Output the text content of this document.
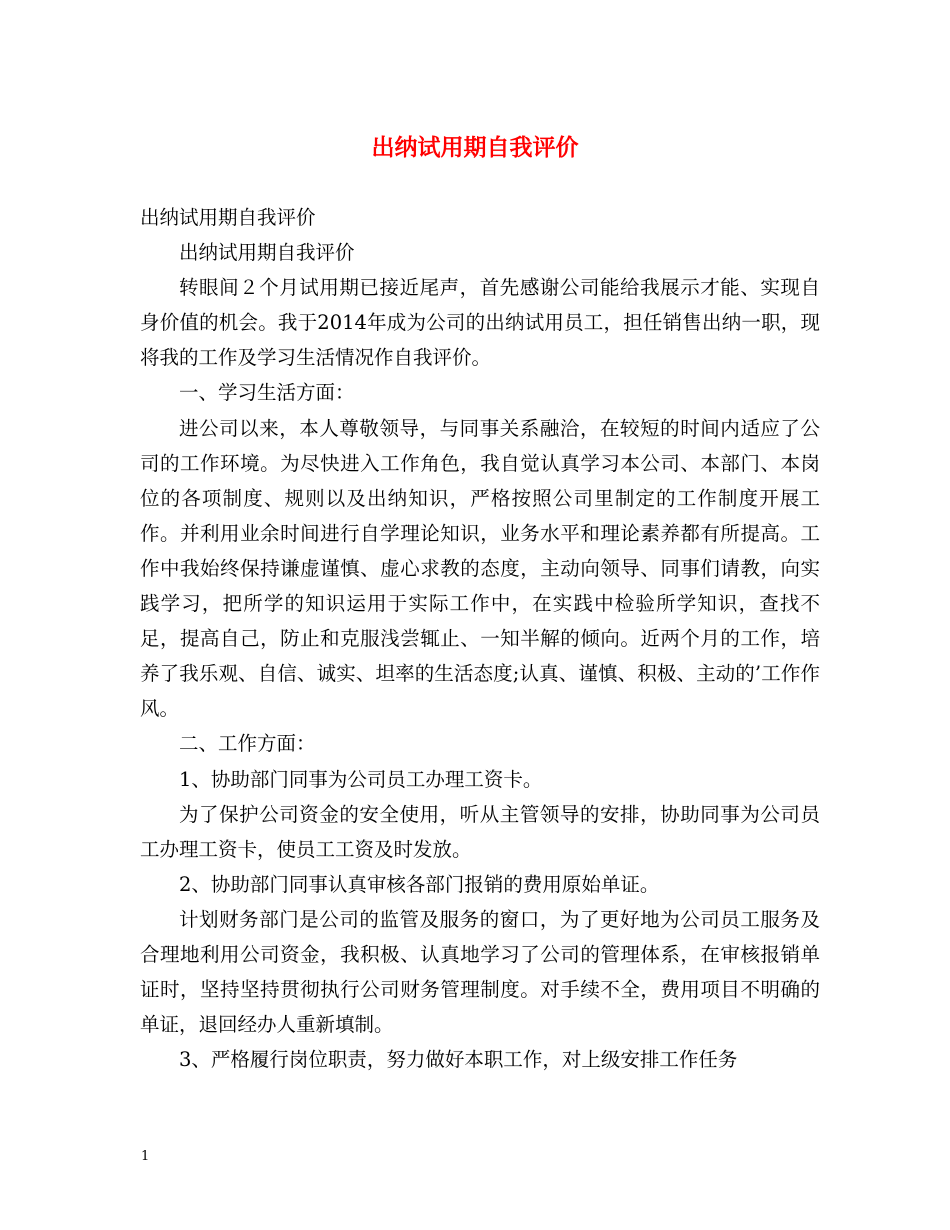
出纳试用期自我评价

出纳试用期自我评价

出纳试用期自我评价

转眼间２个月试用期已接近尾声，首先感谢公司能给我展示才能、实现自身价值的机会。我于2014年成为公司的出纳试用员工，担任销售出纳一职，现将我的工作及学习生活情况作自我评价。

一、学习生活方面：

进公司以来，本人尊敬领导，与同事关系融洽，在较短的时间内适应了公司的工作环境。为尽快进入工作角色，我自觉认真学习本公司、本部门、本岗位的各项制度、规则以及出纳知识，严格按照公司里制定的工作制度开展工作。并利用业余时间进行自学理论知识，业务水平和理论素养都有所提高。工作中我始终保持谦虚谨慎、虚心求教的态度，主动向领导、同事们请教，向实践学习，把所学的知识运用于实际工作中，在实践中检验所学知识，查找不足，提高自己，防止和克服浅尝辄止、一知半解的倾向。近两个月的工作，培养了我乐观、自信、诚实、坦率的生活态度;认真、谨慎、积极、主动的’工作作风。

二、工作方面：

1、协助部门同事为公司员工办理工资卡。

为了保护公司资金的安全使用，听从主管领导的安排，协助同事为公司员工办理工资卡，使员工工资及时发放。

2、协助部门同事认真审核各部门报销的费用原始单证。

计划财务部门是公司的监管及服务的窗口，为了更好地为公司员工服务及合理地利用公司资金，我积极、认真地学习了公司的管理体系，在审核报销单证时，坚持坚持贯彻执行公司财务管理制度。对手续不全，费用项目不明确的单证，退回经办人重新填制。

3、严格履行岗位职责，努力做好本职工作，对上级安排工作任务

1
